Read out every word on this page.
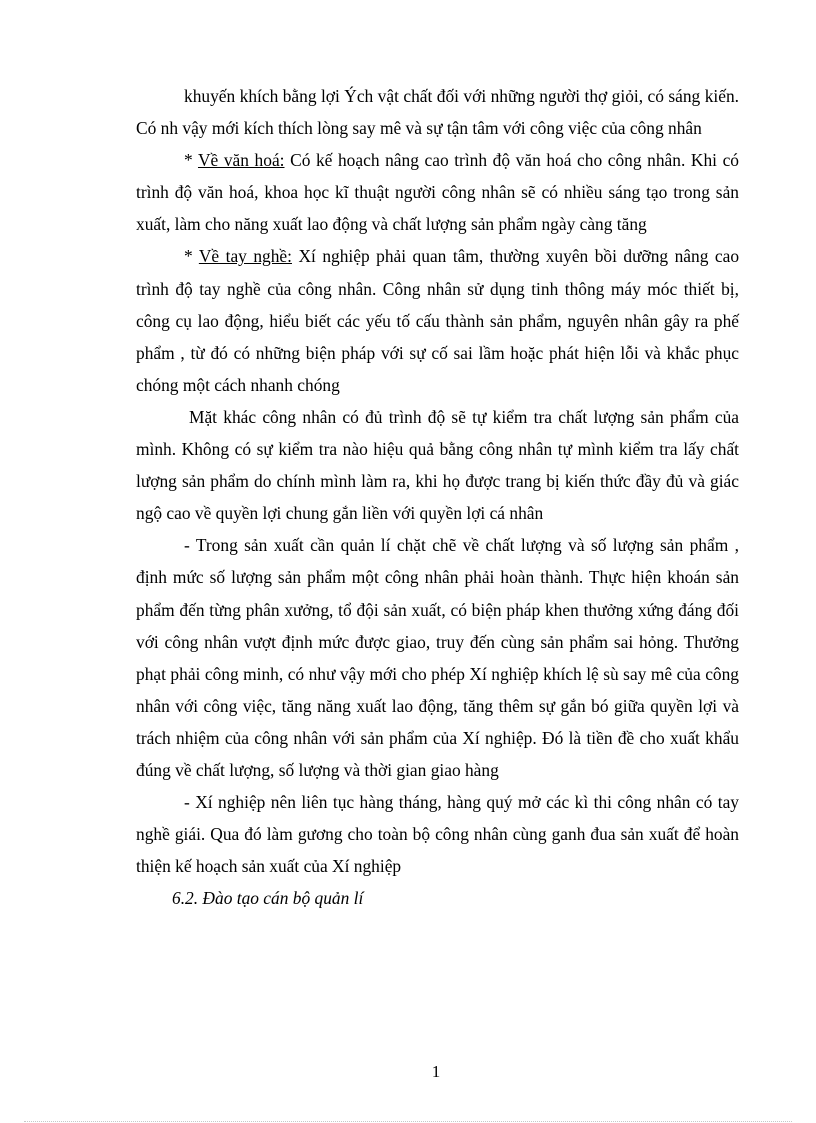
khuyến khích bằng lợi Ých vật chất đối với những người thợ giỏi, có sáng kiến. Có nh vậy mới kích thích lòng say mê và sự tận tâm với công việc của công nhân

* Về văn hoá: Có kế hoạch nâng cao trình độ văn hoá cho công nhân. Khi có trình độ văn hoá, khoa học kĩ thuật người công nhân sẽ có nhiều sáng tạo trong sản xuất, làm cho năng xuất lao động và chất lượng sản phẩm ngày càng tăng

* Về tay nghề: Xí nghiệp phải quan tâm, thường xuyên bồi dưỡng nâng cao trình độ tay nghề của công nhân. Công nhân sử dụng tinh thông máy móc thiết bị, công cụ lao động, hiểu biết các yếu tố cấu thành sản phẩm, nguyên nhân gây ra phế phẩm , từ đó có những biện pháp với sự cố sai lầm hoặc phát hiện lỗi và khắc phục chóng một cách nhanh chóng

Mặt khác công nhân có đủ trình độ sẽ tự kiểm tra chất lượng sản phẩm của mình. Không có sự kiểm tra nào hiệu quả bằng công nhân tự mình kiểm tra lấy chất lượng sản phẩm do chính mình làm ra, khi họ được trang bị kiến thức đầy đủ và giác ngộ cao về quyền lợi chung gắn liền với quyền lợi cá nhân

- Trong sản xuất cần quản lí chặt chẽ về chất lượng và số lượng sản phẩm , định mức số lượng sản phẩm một công nhân phải hoàn thành. Thực hiện khoán sản phẩm đến từng phân xưởng, tổ đội sản xuất, có biện pháp khen thưởng xứng đáng đối với công nhân vượt định mức được giao, truy đến cùng sản phẩm sai hỏng. Thưởng phạt phải công minh, có như vậy mới cho phép Xí nghiệp khích lệ sù say mê của công nhân với công việc, tăng năng xuất lao động, tăng thêm sự gắn bó giữa quyền lợi và trách nhiệm của công nhân với sản phẩm của Xí nghiệp. Đó là tiền đề cho xuất khẩu đúng về chất lượng, số lượng và thời gian giao hàng

- Xí nghiệp nên liên tục hàng tháng, hàng quý mở các kì thi công nhân có tay nghề giái. Qua đó làm gương cho toàn bộ công nhân cùng ganh đua sản xuất để hoàn thiện kế hoạch sản xuất của Xí nghiệp

6.2. Đào tạo cán bộ quản lí

1
